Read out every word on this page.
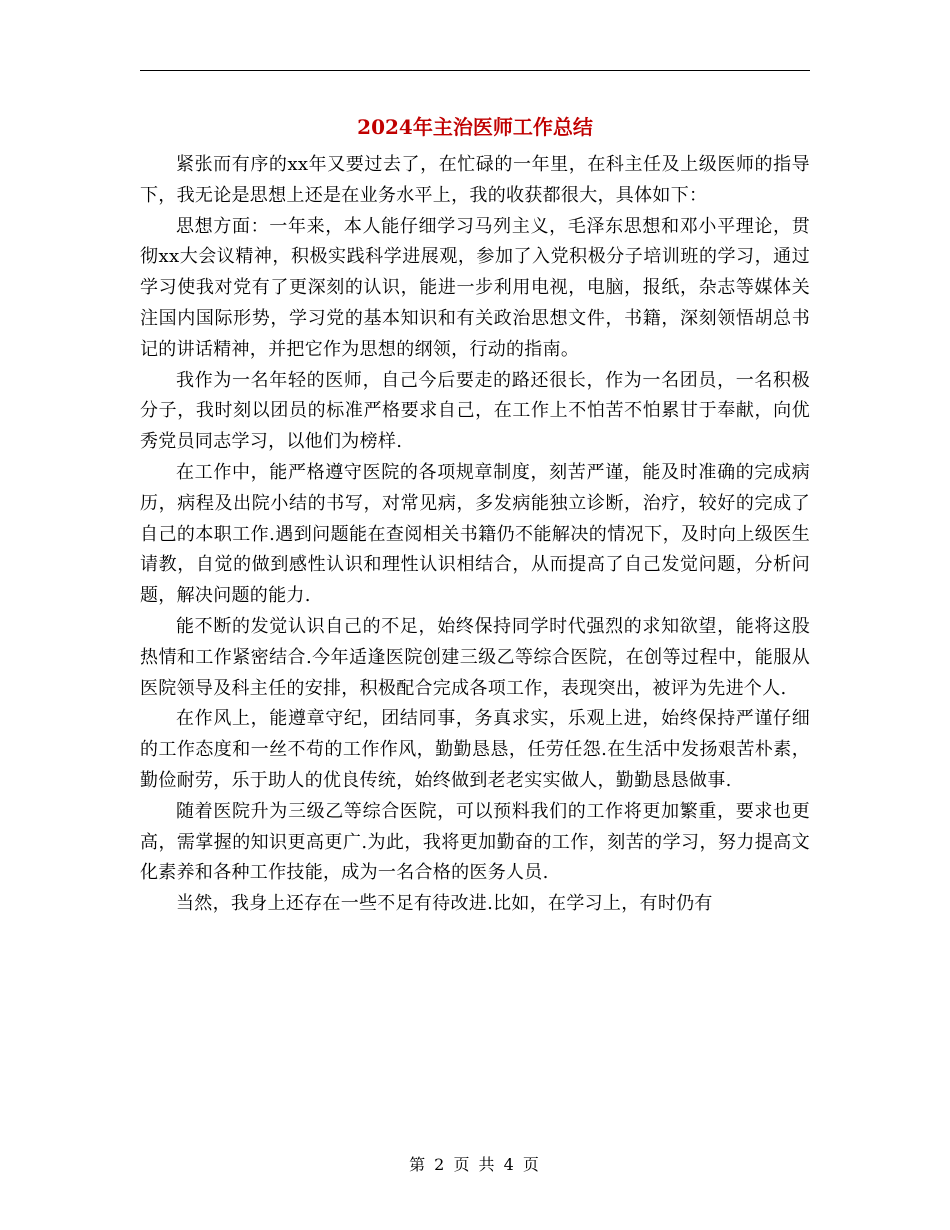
2024年主治医师工作总结

紧张而有序的xx年又要过去了，在忙碌的一年里，在科主任及上级医师的指导下，我无论是思想上还是在业务水平上，我的收获都很大，具体如下：

思想方面：一年来，本人能仔细学习马列主义，毛泽东思想和邓小平理论，贯彻xx大会议精神，积极实践科学进展观，参加了入党积极分子培训班的学习，通过学习使我对党有了更深刻的认识，能进一步利用电视，电脑，报纸，杂志等媒体关注国内国际形势，学习党的基本知识和有关政治思想文件，书籍，深刻领悟胡总书记的讲话精神，并把它作为思想的纲领，行动的指南。

我作为一名年轻的医师，自己今后要走的路还很长，作为一名团员，一名积极分子，我时刻以团员的标准严格要求自己，在工作上不怕苦不怕累甘于奉献，向优秀党员同志学习，以他们为榜样.

在工作中，能严格遵守医院的各项规章制度，刻苦严谨，能及时准确的完成病历，病程及出院小结的书写，对常见病，多发病能独立诊断，治疗，较好的完成了自己的本职工作.遇到问题能在查阅相关书籍仍不能解决的情况下，及时向上级医生请教，自觉的做到感性认识和理性认识相结合，从而提高了自己发觉问题，分析问题，解决问题的能力.

能不断的发觉认识自己的不足，始终保持同学时代强烈的求知欲望，能将这股热情和工作紧密结合.今年适逢医院创建三级乙等综合医院，在创等过程中，能服从医院领导及科主任的安排，积极配合完成各项工作，表现突出，被评为先进个人.

在作风上，能遵章守纪，团结同事，务真求实，乐观上进，始终保持严谨仔细的工作态度和一丝不苟的工作作风，勤勤恳恳，任劳任怨.在生活中发扬艰苦朴素，勤俭耐劳，乐于助人的优良传统，始终做到老老实实做人，勤勤恳恳做事.

随着医院升为三级乙等综合医院，可以预料我们的工作将更加繁重，要求也更高，需掌握的知识更高更广.为此，我将更加勤奋的工作，刻苦的学习，努力提高文化素养和各种工作技能，成为一名合格的医务人员.

当然，我身上还存在一些不足有待改进.比如，在学习上，有时仍有

第 2 页 共 4 页
